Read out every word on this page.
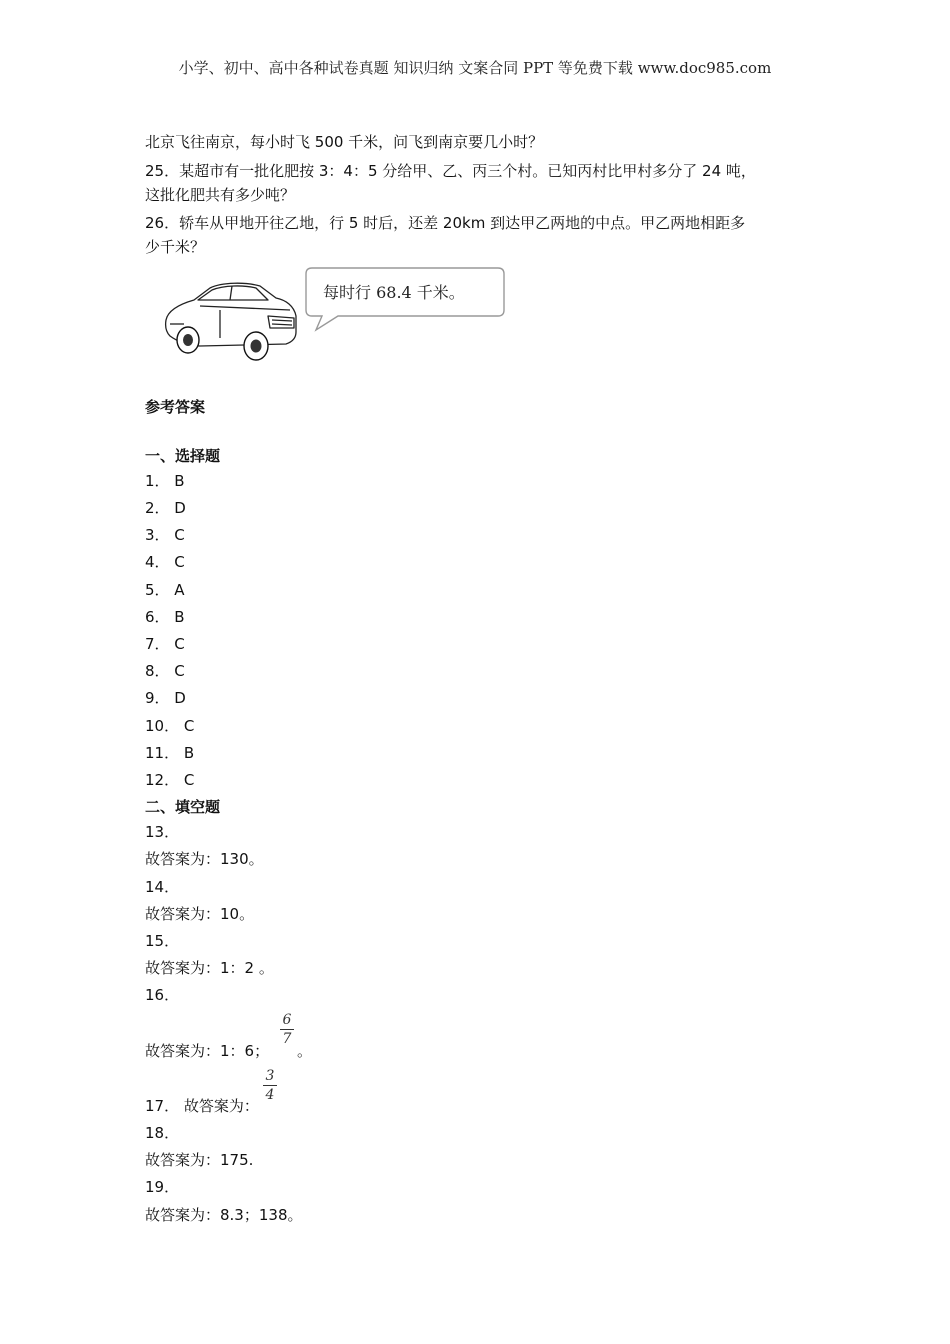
小学、初中、高中各种试卷真题 知识归纳 文案合同 PPT 等免费下载 www.doc985.com
北京飞往南京，每小时飞 500 千米，问飞到南京要几小时？
25．某超市有一批化肥按 3：4：5 分给甲、乙、丙三个村。已知丙村比甲村多分了 24 吨，
这批化肥共有多少吨？
26．轿车从甲地开往乙地，行 5 时后，还差 20km 到达甲乙两地的中点。甲乙两地相距多
少千米？
每时行 68.4 千米。
参考答案
一、选择题
1． B
2． D
3． C
4． C
5． A
6． B
7． C
8． C
9． D
10． C
11． B
12． C
二、填空题
13．
故答案为：130。
14．
故答案为：10。
15．
故答案为：1：2 。
16．
故答案为：1：6；
6
7
。
17． 故答案为：
3
4
18．
故答案为：175.
19．
故答案为：8.3；138。
